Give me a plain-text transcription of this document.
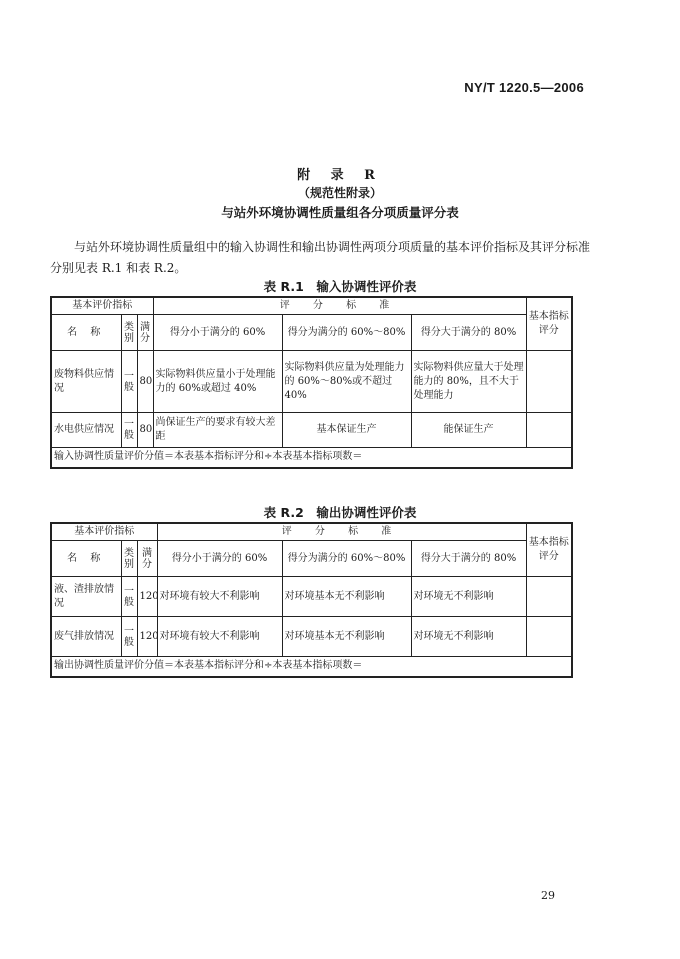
NY/T 1220.5—2006
附 录 R
（规范性附录）
与站外环境协调性质量组各分项质量评分表

与站外环境协调性质量组中的输入协调性和输出协调性两项分项质量的基本评价指标及其评分标准分别见表 R.1 和表 R.2。

表 R.1　输入协调性评价表
基本评价指标			评 分 标 准			基本指标评分
名 称	类别	满分	得分小于满分的 60%	得分为满分的 60%～80%	得分大于满分的 80%	
废物料供应情况	一般	80	实际物料供应量小于处理能力的 60%或超过 40%	实际物料供应量为处理能力的 60%～80%或不超过 40%	实际物料供应量大于处理能力的 80%，且不大于处理能力	
水电供应情况	一般	80	尚保证生产的要求有较大差距	基本保证生产	能保证生产	
输入协调性质量评价分值＝本表基本指标评分和÷本表基本指标项数＝						
表 R.2　输出协调性评价表
基本评价指标			评 分 标 准			基本指标评分
名 称	类别	满分	得分小于满分的 60%	得分为满分的 60%～80%	得分大于满分的 80%	
液、渣排放情况	一般	120	对环境有较大不利影响	对环境基本无不利影响	对环境无不利影响	
废气排放情况	一般	120	对环境有较大不利影响	对环境基本无不利影响	对环境无不利影响	
输出协调性质量评价分值＝本表基本指标评分和÷本表基本指标项数＝						
29
